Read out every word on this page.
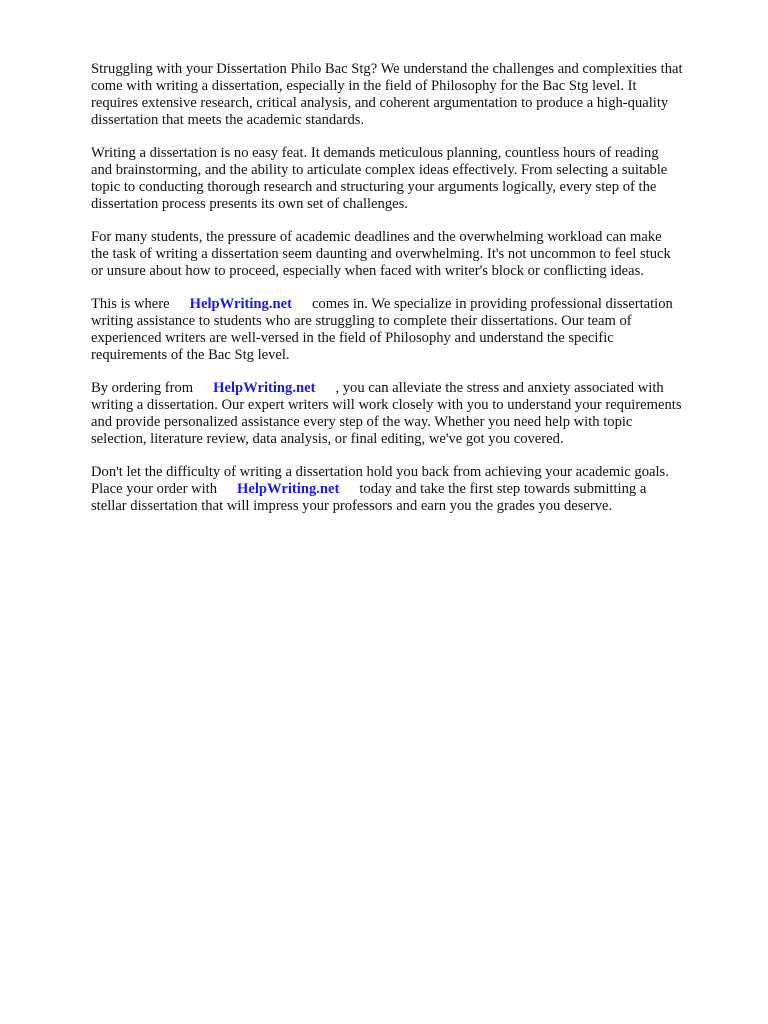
Struggling with your Dissertation Philo Bac Stg? We understand the challenges and complexities that
come with writing a dissertation, especially in the field of Philosophy for the Bac Stg level. It
requires extensive research, critical analysis, and coherent argumentation to produce a high-quality
dissertation that meets the academic standards.
Writing a dissertation is no easy feat. It demands meticulous planning, countless hours of reading
and brainstorming, and the ability to articulate complex ideas effectively. From selecting a suitable
topic to conducting thorough research and structuring your arguments logically, every step of the
dissertation process presents its own set of challenges.
For many students, the pressure of academic deadlines and the overwhelming workload can make
the task of writing a dissertation seem daunting and overwhelming. It's not uncommon to feel stuck
or unsure about how to proceed, especially when faced with writer's block or conflicting ideas.
This is where HelpWriting.net comes in. We specialize in providing professional dissertation
writing assistance to students who are struggling to complete their dissertations. Our team of
experienced writers are well-versed in the field of Philosophy and understand the specific
requirements of the Bac Stg level.
By ordering from HelpWriting.net , you can alleviate the stress and anxiety associated with
writing a dissertation. Our expert writers will work closely with you to understand your requirements
and provide personalized assistance every step of the way. Whether you need help with topic
selection, literature review, data analysis, or final editing, we've got you covered.
Don't let the difficulty of writing a dissertation hold you back from achieving your academic goals.
Place your order with HelpWriting.net today and take the first step towards submitting a
stellar dissertation that will impress your professors and earn you the grades you deserve.
